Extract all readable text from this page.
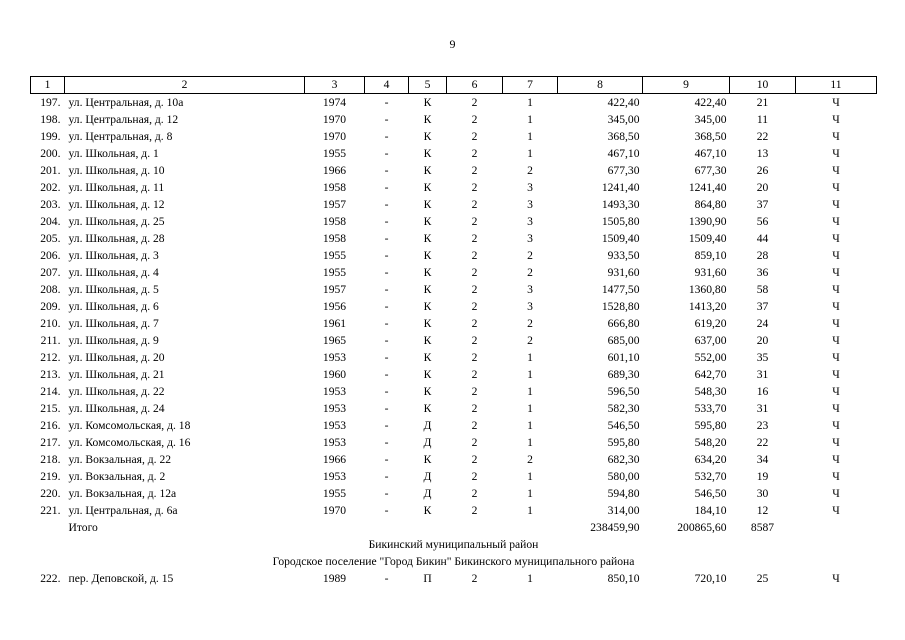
9
1	2	3	4	5	6	7	8	9	10	11
197.	ул. Центральная, д. 10а	1974	-	К	2	1	422,40	422,40	21	Ч
198.	ул. Центральная, д. 12	1970	-	К	2	1	345,00	345,00	11	Ч
199.	ул. Центральная, д. 8	1970	-	К	2	1	368,50	368,50	22	Ч
200.	ул. Школьная, д. 1	1955	-	К	2	1	467,10	467,10	13	Ч
201.	ул. Школьная, д. 10	1966	-	К	2	2	677,30	677,30	26	Ч
202.	ул. Школьная, д. 11	1958	-	К	2	3	1241,40	1241,40	20	Ч
203.	ул. Школьная, д. 12	1957	-	К	2	3	1493,30	864,80	37	Ч
204.	ул. Школьная, д. 25	1958	-	К	2	3	1505,80	1390,90	56	Ч
205.	ул. Школьная, д. 28	1958	-	К	2	3	1509,40	1509,40	44	Ч
206.	ул. Школьная, д. 3	1955	-	К	2	2	933,50	859,10	28	Ч
207.	ул. Школьная, д. 4	1955	-	К	2	2	931,60	931,60	36	Ч
208.	ул. Школьная, д. 5	1957	-	К	2	3	1477,50	1360,80	58	Ч
209.	ул. Школьная, д. 6	1956	-	К	2	3	1528,80	1413,20	37	Ч
210.	ул. Школьная, д. 7	1961	-	К	2	2	666,80	619,20	24	Ч
211.	ул. Школьная, д. 9	1965	-	К	2	2	685,00	637,00	20	Ч
212.	ул. Школьная, д. 20	1953	-	К	2	1	601,10	552,00	35	Ч
213.	ул. Школьная, д. 21	1960	-	К	2	1	689,30	642,70	31	Ч
214.	ул. Школьная, д. 22	1953	-	К	2	1	596,50	548,30	16	Ч
215.	ул. Школьная, д. 24	1953	-	К	2	1	582,30	533,70	31	Ч
216.	ул. Комсомольская, д. 18	1953	-	Д	2	1	546,50	595,80	23	Ч
217.	ул. Комсомольская, д. 16	1953	-	Д	2	1	595,80	548,20	22	Ч
218.	ул. Вокзальная, д. 22	1966	-	К	2	2	682,30	634,20	34	Ч
219.	ул. Вокзальная, д. 2	1953	-	Д	2	1	580,00	532,70	19	Ч
220.	ул. Вокзальная, д. 12а	1955	-	Д	2	1	594,80	546,50	30	Ч
221.	ул. Центральная, д. 6а	1970	-	К	2	1	314,00	184,10	12	Ч
	Итого						238459,90	200865,60	8587	
Бикинский муниципальный район										
Городское поселение "Город Бикин" Бикинского муниципального района										
222.	пер. Деповской, д. 15	1989	-	П	2	1	850,10	720,10	25	Ч
